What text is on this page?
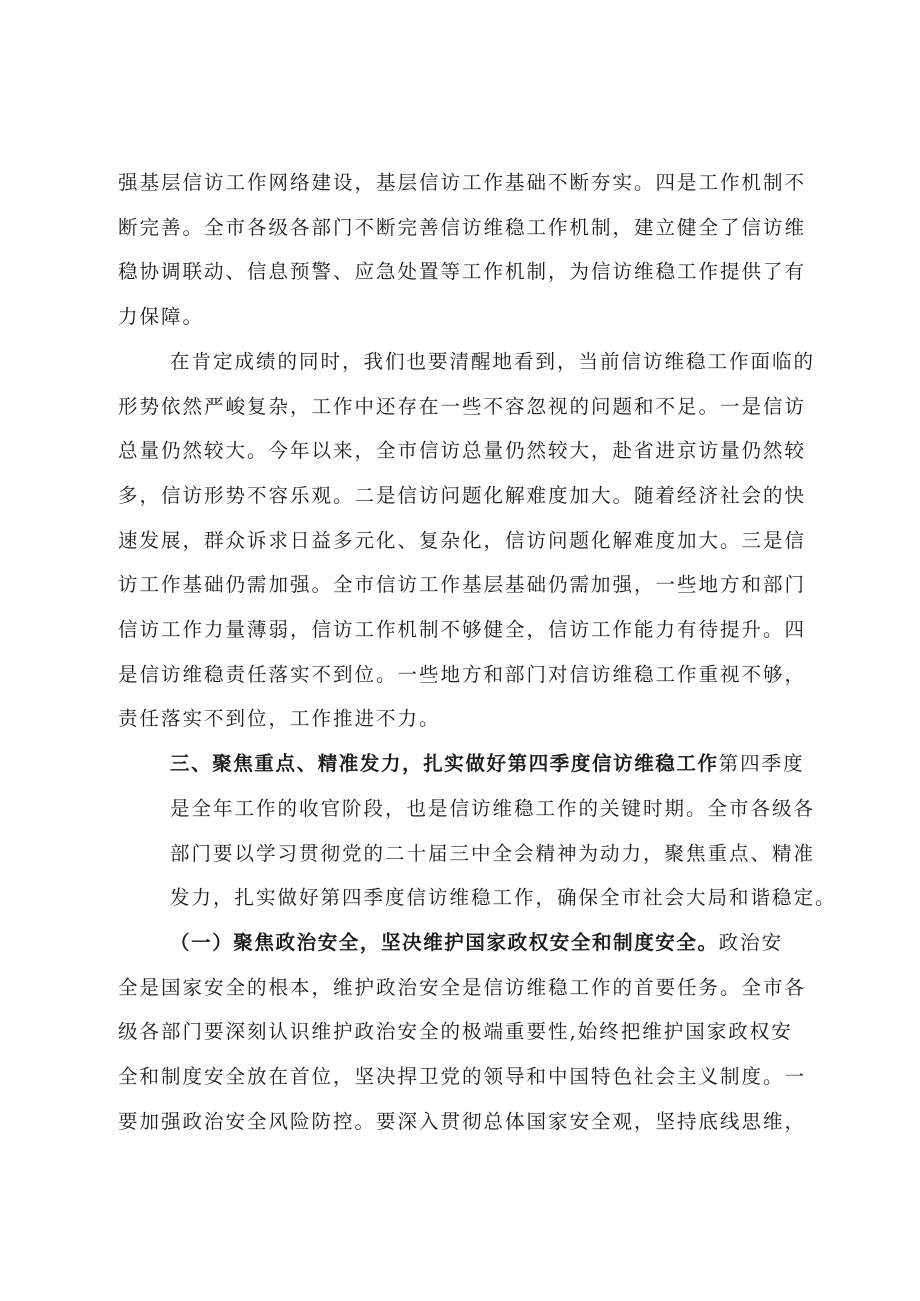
强基层信访工作网络建设，基层信访工作基础不断夯实。四是工作机制不
断完善。全市各级各部门不断完善信访维稳工作机制，建立健全了信访维
稳协调联动、信息预警、应急处置等工作机制，为信访维稳工作提供了有
力保障。
在肯定成绩的同时，我们也要清醒地看到，当前信访维稳工作面临的
形势依然严峻复杂，工作中还存在一些不容忽视的问题和不足。一是信访
总量仍然较大。今年以来，全市信访总量仍然较大，赴省进京访量仍然较
多，信访形势不容乐观。二是信访问题化解难度加大。随着经济社会的快
速发展，群众诉求日益多元化、复杂化，信访问题化解难度加大。三是信
访工作基础仍需加强。全市信访工作基层基础仍需加强，一些地方和部门
信访工作力量薄弱，信访工作机制不够健全，信访工作能力有待提升。四
是信访维稳责任落实不到位。一些地方和部门对信访维稳工作重视不够，
责任落实不到位，工作推进不力。
三、聚焦重点、精准发力，扎实做好第四季度信访维稳工作第四季度
是全年工作的收官阶段，也是信访维稳工作的关键时期。全市各级各
部门要以学习贯彻党的二十届三中全会精神为动力，聚焦重点、精准
发力，扎实做好第四季度信访维稳工作，确保全市社会大局和谐稳定。
（一）聚焦政治安全，坚决维护国家政权安全和制度安全。政治安
全是国家安全的根本，维护政治安全是信访维稳工作的首要任务。全市各
级各部门要深刻认识维护政治安全的极端重要性,始终把维护国家政权安
全和制度安全放在首位，坚决捍卫党的领导和中国特色社会主义制度。一
要加强政治安全风险防控。要深入贯彻总体国家安全观，坚持底线思维，
